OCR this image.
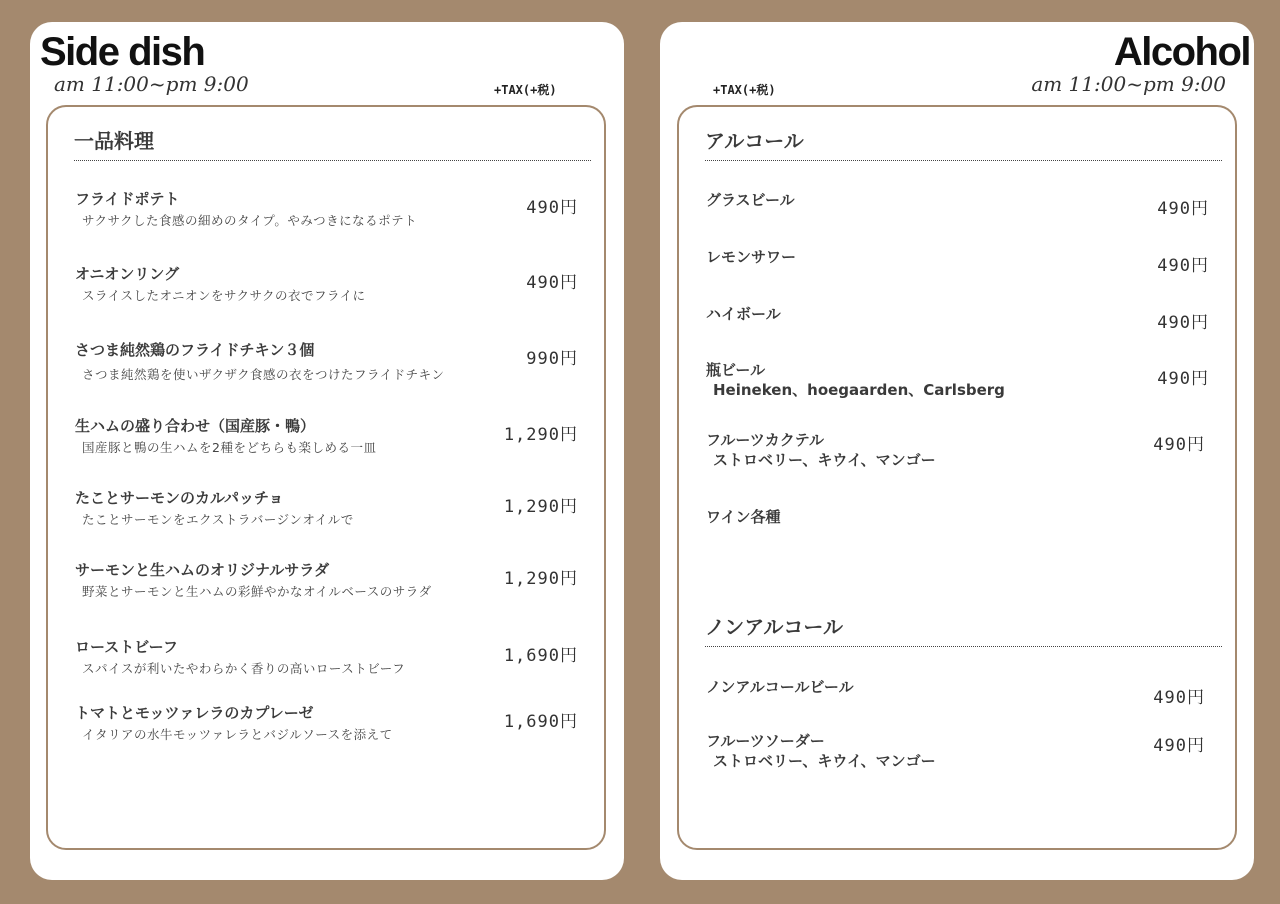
Side dish
am 11:00~pm 9:00	+TAX(+税)
一品料理
フライドポテト
サクサクした食感の細めのタイプ。やみつきになるポテト
490円
オニオンリング
スライスしたオニオンをサクサクの衣でフライに
490円
さつま純然鶏のフライドチキン３個
さつま純然鶏を使いザクザク食感の衣をつけたフライドチキン
990円
生ハムの盛り合わせ（国産豚・鴨）
国産豚と鴨の生ハムを2種をどちらも楽しめる一皿
1,290円
たことサーモンのカルパッチョ
たことサーモンをエクストラバージンオイルで
1,290円
サーモンと生ハムのオリジナルサラダ
野菜とサーモンと生ハムの彩鮮やかなオイルベースのサラダ
1,290円
ローストビーフ
スパイスが利いたやわらかく香りの高いローストビーフ
1,690円
トマトとモッツァレラのカプレーゼ
イタリアの水牛モッツァレラとバジルソースを添えて
1,690円
Alcohol
am 11:00~pm 9:00
+TAX(+税)
アルコール
グラスビール	490円
レモンサワー	490円
ハイボール	490円
瓶ビール
Heineken、hoegaarden、Carlsberg
490円
フルーツカクテル
ストロベリー、キウイ、マンゴー
490円
ワイン各種
ノンアルコール
ノンアルコールビール
490円
フルーツソーダー
ストロベリー、キウイ、マンゴー
490円
